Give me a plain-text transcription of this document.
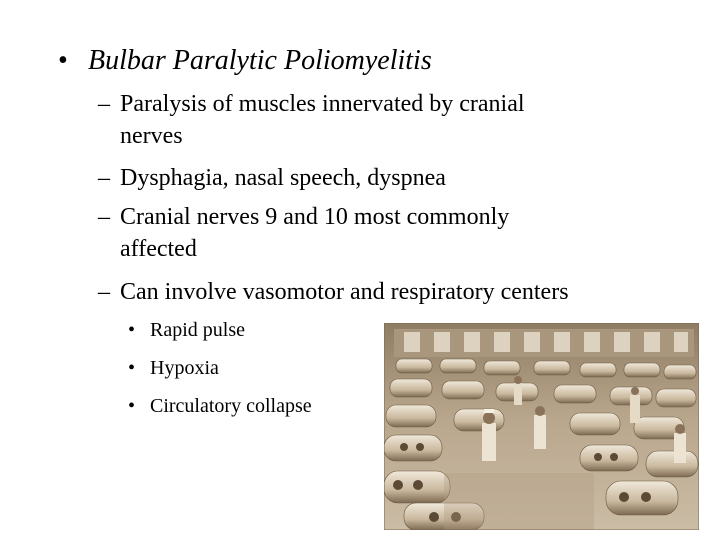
• Bulbar Paralytic Poliomyelitis
– Paralysis of muscles innervated by cranial
nerves
– Dysphagia, nasal speech, dyspnea
– Cranial nerves 9 and 10 most commonly
affected
– Can involve vasomotor and respiratory centers
• Rapid pulse
• Hypoxia
• Circulatory collapse
